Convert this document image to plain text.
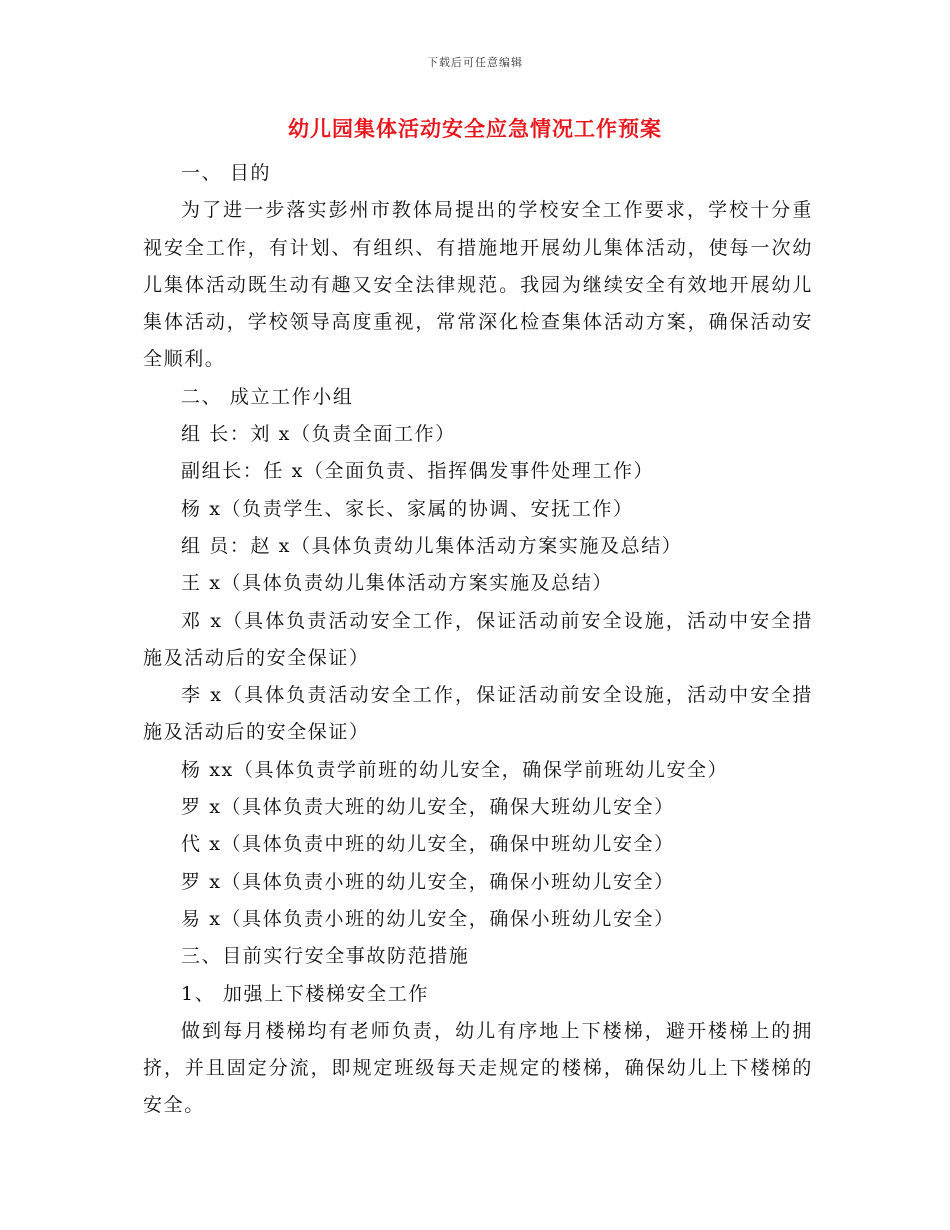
下载后可任意编辑
幼儿园集体活动安全应急情况工作预案

一、 目的

为了进一步落实彭州市教体局提出的学校安全工作要求，学校十分重视安全工作，有计划、有组织、有措施地开展幼儿集体活动，使每一次幼儿集体活动既生动有趣又安全法律规范。我园为继续安全有效地开展幼儿集体活动，学校领导高度重视，常常深化检查集体活动方案，确保活动安全顺利。

二、 成立工作小组

组 长：刘 x（负责全面工作）

副组长：任 x（全面负责、指挥偶发事件处理工作）

杨 x（负责学生、家长、家属的协调、安抚工作）

组 员：赵 x（具体负责幼儿集体活动方案实施及总结）

王 x（具体负责幼儿集体活动方案实施及总结）

邓 x（具体负责活动安全工作，保证活动前安全设施，活动中安全措施及活动后的安全保证）

李 x（具体负责活动安全工作，保证活动前安全设施，活动中安全措施及活动后的安全保证）

杨 xx（具体负责学前班的幼儿安全，确保学前班幼儿安全）

罗 x（具体负责大班的幼儿安全，确保大班幼儿安全）

代 x（具体负责中班的幼儿安全，确保中班幼儿安全）

罗 x（具体负责小班的幼儿安全，确保小班幼儿安全）

易 x（具体负责小班的幼儿安全，确保小班幼儿安全）

三、目前实行安全事故防范措施

1、 加强上下楼梯安全工作

做到每月楼梯均有老师负责，幼儿有序地上下楼梯，避开楼梯上的拥挤，并且固定分流，即规定班级每天走规定的楼梯，确保幼儿上下楼梯的安全。
